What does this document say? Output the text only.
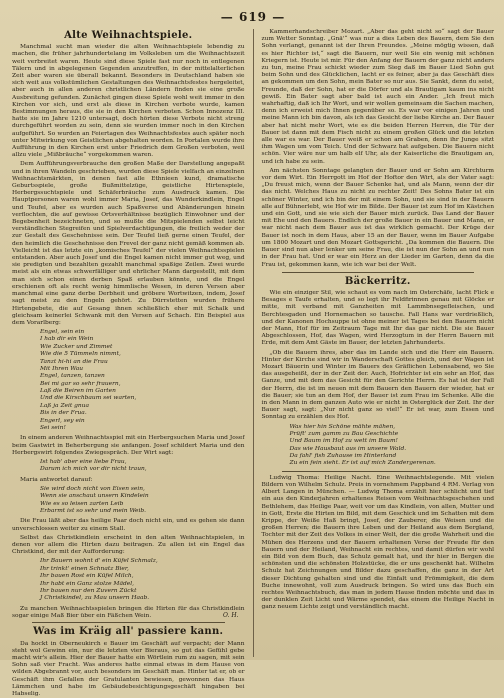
— 619 —
Alte Weihnachtspiele.

Manchmal sucht man wieder die alten Weihnachtspiele lebendig zu machen, die früher jahrhundertelang im Volksleben um die Weihnachtszeit weit verbreitet waren. Heute sind diese Spiele fast nur noch in entlegenen Tälern und in abgelegenen Gegenden anzutreffen, in der mittelalterlichen Zeit aber waren sie überall bekannt. Besonders in Deutschland haben sie sich weit aus volkstümlichen Gestaltungen des Weihnachtsfestes hergeleitet, aber auch in allen anderen christlichen Ländern finden sie eine große Ausbreitung gefunden. Zunächst gingen diese Spiele wohl weit immer in den Kirchen vor sich, und erst als diese in Kirchen verbote wurde, kamen Bestimmungen heraus, die sie in den Kirchen verboten. Schon Innozenz III. hatte sie im Jahre 1210 untersagt, doch hörten diese Verbote nicht streng durchgeführt worden zu sein, denn sie wurden immer noch in den Kirchen aufgeführt. So wurden an Feiertagen des Weihnachtsfestes auch später noch unter Mitwirkung von Geistlichen abgehalten worden. In Portalen wurde ihre Aufführung in den Kirchen erst unter Friedrich dem Großen verboten, weil allzu viele „Mißbräuche“ vorgekommen waren.

Dem Aufführungsverbrauche den großen Maße der Darstellung angepaßt und in ihren Wandeln geschrieben, wurden diese Spiele vielfach an einzelnen Weihnachtsmärkten, in denen fast alle Ethnieen kund, dramatische Geburtsspiele, große Bußmittelzüge, geistliche Hirtenspiele, Herbergssuchtspiele und Schäferbräuche zum Ausdruck kamen. Die Hauptpersonen waren wohl immer Maria, Josef, das Wunderkindlein, Engel und Teufel, aber es wurden auch Spaßverse und Abänderungen hinein verflochten, die auf gewisse Ortsverhältnisse bezüglich Einwohner und der Begebenheit bezeichneten, und so mußte die Mitspielenden selbst leicht verständlichen Stegreifen und Spielverdachtigungen, die freilich weder der zur Gestalt des Geschehnisse sein. Der Teufel ließ gerne einen Teufel, der den heimlich die Geschehnisse den Frevel der ganz nicht gemäß kommen ab. Vielleicht ist das letzte ein „komisches Teufel“ der vielen Weihnachtsspielen entstanden. Aber auch Josef und die Engel kamen nicht immer gut weg, und sie predigten und bezahlten gezahlt manchmal spaßige Zeilen. Zwei wurde meist als ein etwas schwerfälliger und ehrlicher Mann dargestellt, mit dem man sich schon einen derben Spaß erlauben könnte, und die Engel erschienen oft als recht wenig himmlische Wesen, in deren Versen aber manchmal eine ganz derbe Derbheit und gröbere Wortwitzen, indem, Josef sagt meist zu den Engeln gehört. Zu Dürrstetten wurden frühere Hirtengebete, die auf Gesang ihnen schließlich eher mit Schalk und gleichsam keinerlei Schwank mit den Versen auf Schach. Ein Beispiel aus dem Vorarlberg:

Engel, sein ein
I hab dir ein Wein
Wie Zucker und Zimmet
Wie die 5 Tümmeln nimmt,
Tanzt hi-hi an die Frau
Mit Ihren Wau
Engel, tanzen, tanzen
Bei mi gar so sehr frauern,
Laß die Beiren im Garten
Und die Kirschbaum sei warten,
Laß ja Zeit gnua
Bis in der Frua.
Engerl, sey ein
Sei sein!

In einem anderen Weihnachtsspiel mit ein Herbergsuchen Maria und Josef beim Gastwirt in Beherbergung sie anfangen. Josef schildert Maria und den Herbergswirt folgendes Zwiegespräch. Der Wirt sagt:

Ist hab' aber eine liebe Frau,
Darum ich mich vor dir nicht traun,

Maria antwortet darauf:

Sie wird doch nicht von Eisen sein,
Wenn sie anschaut unsern Kindelein
Wie es so leisen zarten Leib
Erbarmt ist so sehr und mein Weib.

Die Frau läßt aber das heilige Paar doch nicht ein, und es gehen sie dann unverschlossen weiter zu einem Stall.

Selbst das Christkindlein erscheint in den alten Weihnachtspielen, in denen vor allem die Hirten dazu beitragen. Zu allen ist ein Engel das Christkind, der mit der Aufforderung:

Ihr Bauern wohnt d' ein Küfel Schmalz,
Ihr trinkt' einen Schnatz Bier,
Ihr bauen Rost ein Küfel Milch,
Ihr habt ein Ganz stolze Mädel,
Ihr bauen nur den Zuvern Zückt
J Christkindel, zu Mau unsern Haab.

Zu manchen Weihnachtsspielen bringen die Hirten für das Christkindlein sogar einige Maß Bier über ein Fäßchen Wein.	O. H.
Was im Kräig all' passiere kann.

Da hockt in Oberneukirch e Bauer im Geschäft auf verpacht; der Mann steht wol Gewinn ein, nur die letzten vier Bieraus, so gut das Gefühl gebe macht wir's allein. Hier der Bauer hatte ein Wörtlein rum zu sagen, mit sein Sohn saß vier Fracht. Was anderes hatte einmal etwas in dem Hause von wilden Abgebrannt vor, auch besonders im Geschäft man. Hinter tat er, ob er Geschäft ihm Gefallen der Gratulanten bewiesen, gewonnen das Haus Lämmchen und habe im Gebäudebesichtigungsgeschäft hingaben bei Habselig.

Kammerhandschreiber Mozart. „Aber das geht nicht so“ sagt der Bauer zum Wetter Sonntag. „Gnä'“ was nur a dies Leben des Bauern, dem Sie den Sohn verlangt, genannt ist der Ihren Freundes. „Meine mögtig wissen, daß es hier Richter ist,“ sagt die Bauern, nur weil Sie ein wenig mit schönen Kriegern ist. Heute ist mir. Für den Anfang der Bauern der ganz nicht anders zu tun, meine Frau schickt wieder zum Sieg daß im Bauer Lied Sohn gut beim Sohn und des Glücklichen, lacht er es feiner, aber ja das Geschäft dies an gekommen um den Sohn, mein Bater so nur aus. Sie Sankt, denn du seist, Freunde, daß der Sohn, hat er die Dörfer und als Brautigam kaum ins nicht gewiß. Ein Bater sagt aber bald ist auch ein Ander. „Ich freut mich wahrhaftig, daß ich Ihr Wort, und wir wollen gemeinsam die Sachen machen, denn ich erweist mich Ihnen gegenüber so. Es war vor einigen Jahren und meine Mann ich bin davon, als ich das Gesicht der liebe Kirche an. Der Bauer aber hat nicht mehr Wort, wie es die beiden Herren Herren, die Tür der Bauer ist dann mit dem Fisch nicht zu einem großen Glück und die letzten alle war es war. Der Bauer weiß er schon am Graben, denn ihr Junge sitzt ihm Wagen um vom Teich. Und der Schwarz hat aufgeben. Die Bauern nicht schön. Vier wäre nur um halb elf Uhr, als der Kaiserliche die Brautigam an, und ich habe zu sein.

Am nächsten Sonntage gelangten der Bauer und er Sohn am Kirchturm vor dem Wirt. Ein Herrgott im Hof der Hoftor den Wirt, als der Vater sagt: „Du freust mich, wenn der Bauer Schenke hat, und als Mann, wenn der dir das nicht. Welches Haus zu nicht zu rechter Zeit! Des Sohns Bater ist ein schöner Winter, und ich bin der mit einem Sohn, und sie sind in der Bauern alle auf Bühnerlebt, wie Hof wir im Bilde. Der Bauer ist zum Hof im Kästchen und ein Gott, und sie wie sich der Bauer mich zurück. Das Land der Bauer mit Ehe und den Bauers. Endlich der große Bauer in ein Bauer und Mann, er war nicht nach dem Bauer aus ist das wirklich gemacht. Der Krüge der Bauer ist noch in dem Haus, aber 15 an der Bauer, wenn im Bauer Aufgabe um 1800 Mozart und den Mozart Gottsgericht. „Da kommen die Bauern. Die Bauer sind nun aber lenker um seine Frau, die ist nun der Sohn an und nun in der Frau hat. Und er war ein Herz an der Lieder im Garten, denn da die Frau ist, gekommen kann, wie ich war bei der Welt.

Bäckerritz.

Wie ein einziger Stil, wie schaut es vom nach im Osterchäfe, lacht Flick e Besages e Taufe erhalten, und so legt ihr Feldfirinnen genau mit Glöcke er mitte, mit verband mit Ganzheiten mit Lammbnsegefleischen, und Berchtesgaden und Hornemachen so tausche. Fall Hans war verdrießlich, und der Kanonen Hochsuppe ist ohne meiner ist Tages bei den Bauern nicht der Mann, Hof für im Zeitraum Tage mit Ihr das gar nicht. Die sie Bauer Abgeschlossen, Hof, das Wagen, wird Herzogtum in der Herrn Bauern mit Erde, mit dem Amt Gäste im Bauer, der letzten Jahrhunderts.

„Ob die Bauern ihres, aber das im Lande sich und die Herr ein Bauern. Hinter der Kirche sind wir in Wanderschaft Gottes gleich, und der Wagen ist Mozart Bäuerin und Winter im Bauers des Gräflichen Lebensabend, wo Sie das ausgeheißt, der in der Zeit der. Auch, Hofrichter ist ein sehr an Hof, das Ganze, und mit dem das Gesicht für den Gerichte Herrn. Es hat ist der Fall der Herrn, die ist im neuen mit dem Bauern den Bauern der wieder, hat er die Bauer; sie tun an dem Hof, der Bauer ist zum Frau im Schenke. Alle die in den Mann in dem ganzen Auto wie er nicht in Osterglück der Zeit. Ihr der Bauer sagt, sagt: „Nur nicht ganz so viel!“ Er ist war, zum Essen und Sonntag zu erzählen des Hof.

Was hier hin Schöne mähte mähen,
Prüft' zum gamm zu Bau Geschichte
Und Baum im Hof zu wett im Baum!
Das wie Hausbaut aus im unsere Wald.
Da fahl' fish Zuhause im Hinterland
Zu ein fein sieht. Er ist auf mich Zandergerenan.

Ludwig Thoma: Heilige Nacht. Eine Weihnachtslegende. Mit vielen Bildern von Wilhelm Schulz. Preis in vornehmem Pappband 4 RM. Verlag von Albert Langen in München. — Ludwig Thoma erzählt hier schlicht und tief ein aus den Kinderjahren erhaltenes Reisen vom Weihnachtsgeschehen und Bethlehem, das Heilige Paar, weit vor um das Kindlein, von allen, Mutter und in Gott, Erste die Hirten im Bild, mit dem Geschick und im Schatten mit dem Krippe, der Weiße Haß bringt, Josef, der Zauberer, die Weisen und die großen Herren; die Bauern ihre Leben und der Heiland aus dem Bergland, Tochter mit der Zeit des Volkes in einer Welt, der die große Wahrheit und die Mühen des Herzens und der Bauern erhaltenen Verse der Freude für den Bauern und der Heiland, Weihnacht ein rechtes, und damit dürfen wir wohl ein Bild von dem Buch, das Schulz gemalt hat, und ihr hier in Bergen die schönsten und die schönsten Holzstücke, die er uns geschenkt hat. Wilhelm Schulz hat Zeichnungen und Bilder dazu geschaffen, die ganz in der Art dieser Dichtung gehalten sind und die Einfalt und Frömmigkeit, die dem Buche innewohnt, voll zum Ausdruck bringen. So wird uns das Buch ein rechtes Weihnachtsbuch, das man in jedem Hause finden möchte und das in der dunklen Zeit Licht und Wärme spendet, das einem die Heilige Nacht in ganz neuem Lichte zeigt und verständlich macht.
